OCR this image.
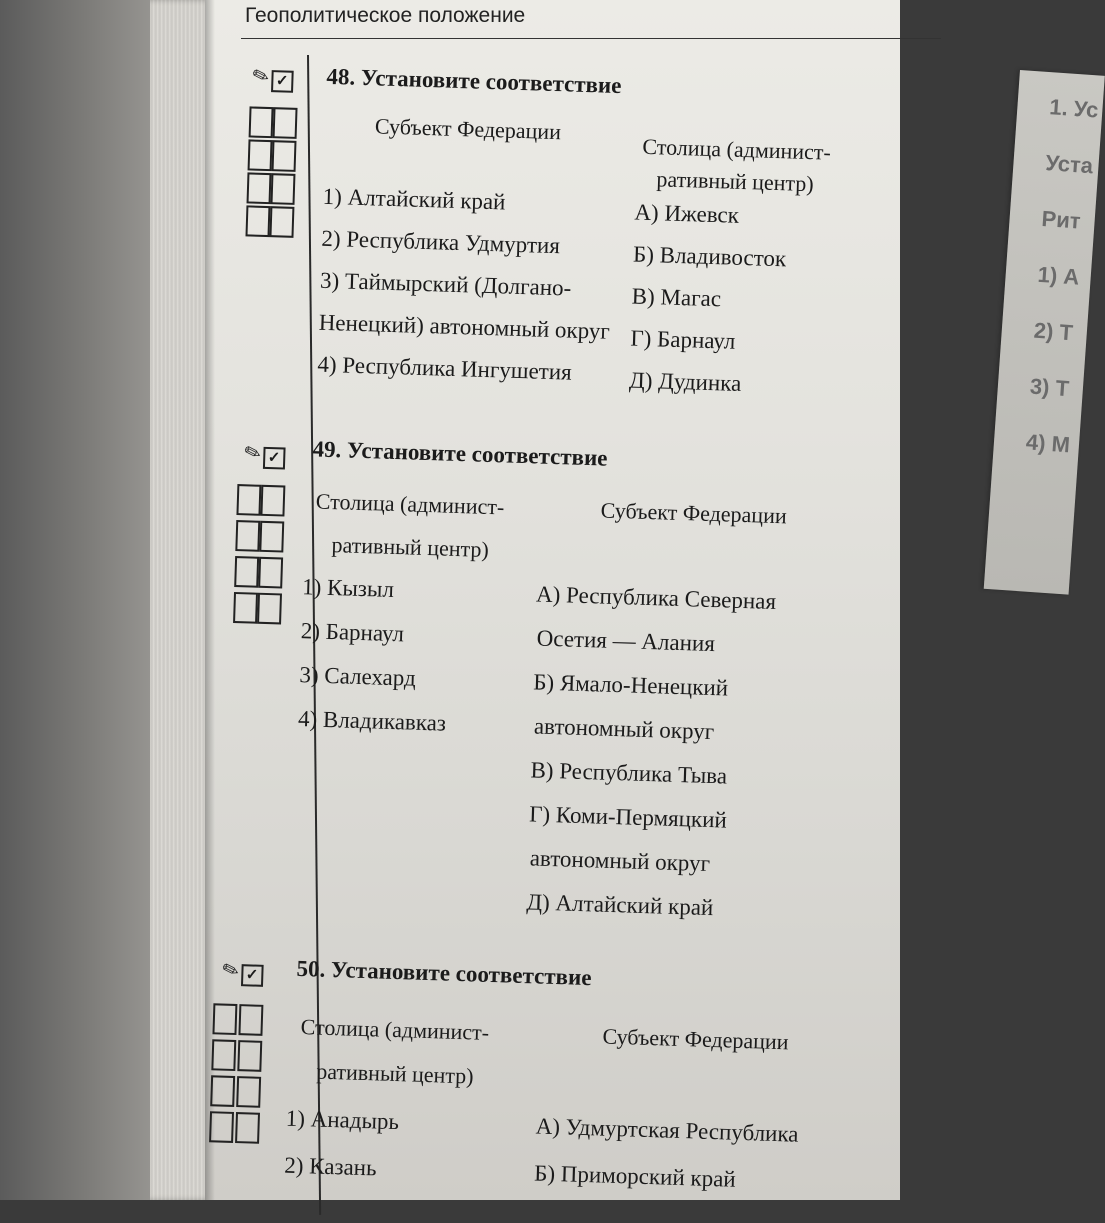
Геополитическое положение
✎ ✓ 48. Установите соответствие
Субъект Федерации
Столица (админист-
ративный центр)
1) Алтайский край
2) Республика Удмуртия
3) Таймырский (Долгано-
Ненецкий) автономный округ
4) Республика Ингушетия
А) Ижевск
Б) Владивосток
В) Магас
Г) Барнаул
Д) Дудинка
✎ ✓ 49. Установите соответствие
Столица (админист-
ративный центр)
Субъект Федерации
1) Кызыл
2) Барнаул
3) Салехард
4) Владикавказ
А) Республика Северная
Осетия — Алания
Б) Ямало-Ненецкий
автономный округ
В) Республика Тыва
Г) Коми-Пермяцкий
автономный округ
Д) Алтайский край
✎ ✓ 50. Установите соответствие
Столица (админист-
ративный центр)
Субъект Федерации
1) Анадырь
2) Казань
А) Удмуртская Республика
Б) Приморский край
1. Ус
Уста
Рит
1) А
2) Т
3) Т
4) М
